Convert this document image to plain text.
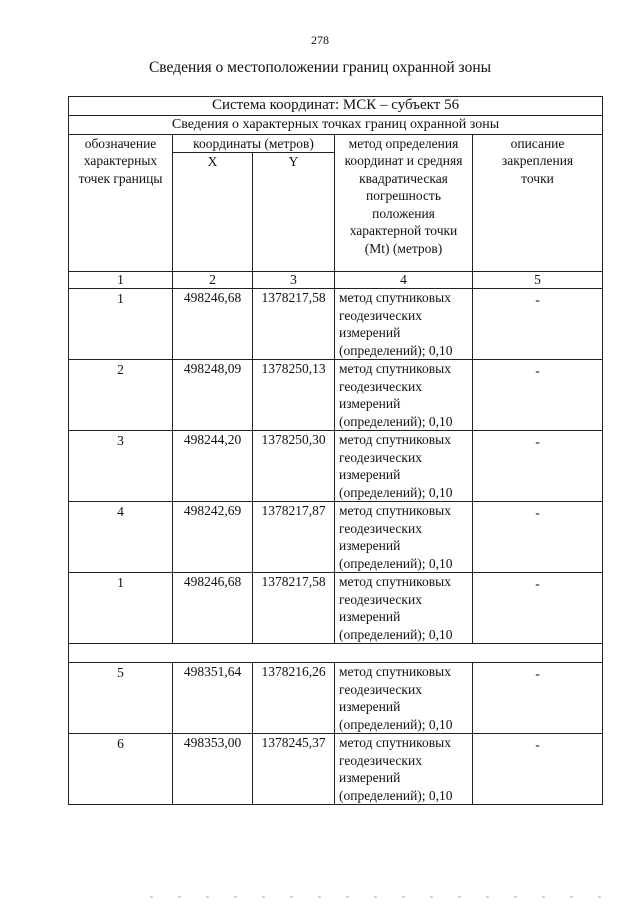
278
Сведения о местоположении границ охранной зоны
Система координат: МСК – субъект 56				
Сведения о характерных точках границ охранной зоны				
обозначение характерных точек границы	координаты (метров)		метод определения координат и средняя квадратическая погрешность положения характерной точки (Mt) (метров)	описание закрепления точки
	X	Y		
1	2	3	4	5
1	498246,68	1378217,58	метод спутниковых геодезических измерений (определений); 0,10	-
2	498248,09	1378250,13	метод спутниковых геодезических измерений (определений); 0,10	-
3	498244,20	1378250,30	метод спутниковых геодезических измерений (определений); 0,10	-
4	498242,69	1378217,87	метод спутниковых геодезических измерений (определений); 0,10	-
1	498246,68	1378217,58	метод спутниковых геодезических измерений (определений); 0,10	-

5	498351,64	1378216,26	метод спутниковых геодезических измерений (определений); 0,10	-
6	498353,00	1378245,37	метод спутниковых геодезических измерений (определений); 0,10	-
